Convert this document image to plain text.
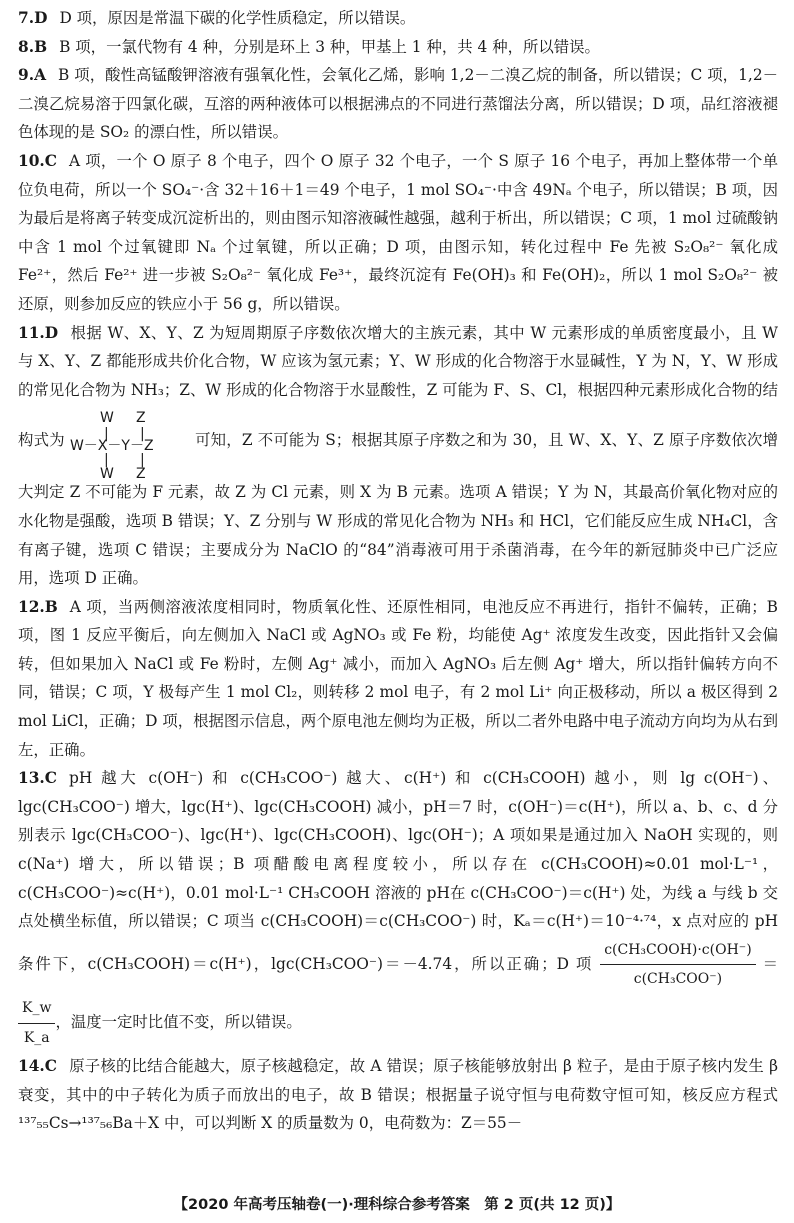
7.D D 项，原因是常温下碳的化学性质稳定，所以错误。
8.B B 项，一氯代物有 4 种，分别是环上 3 种，甲基上 1 种，共 4 种，所以错误。
9.A B 项，酸性高锰酸钾溶液有强氧化性，会氧化乙烯，影响 1,2－二溴乙烷的制备，所以错误；C 项，1,2－二溴乙烷易溶于四氯化碳，互溶的两种液体可以根据沸点的不同进行蒸馏法分离，所以错误；D 项，品红溶液褪色体现的是 SO₂ 的漂白性，所以错误。
10.C A 项，一个 O 原子 8 个电子，四个 O 原子 32 个电子，一个 S 原子 16 个电子，再加上整体带一个单位负电荷，所以一个 SO₄⁻·含 32＋16＋1＝49 个电子，1 mol SO₄⁻·中含 49Nₐ 个电子，所以错误；B 项，因为最后是将离子转变成沉淀析出的，则由图示知溶液碱性越强，越利于析出，所以错误；C 项，1 mol 过硫酸钠中含 1 mol 个过氧键即 Nₐ 个过氧键，所以正确；D 项，由图示知，转化过程中 Fe 先被 S₂O₈²⁻ 氧化成 Fe²⁺，然后 Fe²⁺ 进一步被 S₂O₈²⁻ 氧化成 Fe³⁺，最终沉淀有 Fe(OH)₃ 和 Fe(OH)₂，所以 1 mol S₂O₈²⁻ 被还原，则参加反应的铁应小于 56 g，所以错误。
11.D 根据 W、X、Y、Z 为短周期原子序数依次增大的主族元素，其中 W 元素形成的单质密度最小，且 W 与 X、Y、Z 都能形成共价化合物，W 应该为氢元素；Y、W 形成的化合物溶于水显碱性，Y 为 N，Y、W 形成的常见化合物为 NH₃；Z、W 形成的化合物溶于水显酸性，Z 可能为 F、S、Cl，根据四种元素形成化合物的结构式为
W Z
| |
W－X－Y－Z
| |
W Z
可知，Z 不可能为 S；根据其原子序数之和为 30，且 W、X、Y、Z 原子序数依次增大判定 Z 不可能为 F 元素，故 Z 为 Cl 元素，则 X 为 B 元素。选项 A 错误；Y 为 N，其最高价氧化物对应的水化物是强酸，选项 B 错误；Y、Z 分别与 W 形成的常见化合物为 NH₃ 和 HCl，它们能反应生成 NH₄Cl，含有离子键，选项 C 错误；主要成分为 NaClO 的“84”消毒液可用于杀菌消毒，在今年的新冠肺炎中已广泛应用，选项 D 正确。
12.B A 项，当两侧溶液浓度相同时，物质氧化性、还原性相同，电池反应不再进行，指针不偏转，正确；B 项，图 1 反应平衡后，向左侧加入 NaCl 或 AgNO₃ 或 Fe 粉，均能使 Ag⁺ 浓度发生改变，因此指针又会偏转，但如果加入 NaCl 或 Fe 粉时，左侧 Ag⁺ 减小，而加入 AgNO₃ 后左侧 Ag⁺ 增大，所以指针偏转方向不同，错误；C 项，Y 极每产生 1 mol Cl₂，则转移 2 mol 电子，有 2 mol Li⁺ 向正极移动，所以 a 极区得到 2 mol LiCl，正确；D 项，根据图示信息，两个原电池左侧均为正极，所以二者外电路中电子流动方向均为从右到左，正确。
13.C pH 越大 c(OH⁻) 和 c(CH₃COO⁻) 越大、c(H⁺) 和 c(CH₃COOH) 越小，则 lg c(OH⁻)、lgc(CH₃COO⁻) 增大，lgc(H⁺)、lgc(CH₃COOH) 减小，pH＝7 时，c(OH⁻)＝c(H⁺)，所以 a、b、c、d 分别表示 lgc(CH₃COO⁻)、lgc(H⁺)、lgc(CH₃COOH)、lgc(OH⁻)；A 项如果是通过加入 NaOH 实现的，则 c(Na⁺) 增大，所以错误；B 项醋酸电离程度较小，所以存在 c(CH₃COOH)≈0.01 mol·L⁻¹，c(CH₃COO⁻)≈c(H⁺)，0.01 mol·L⁻¹ CH₃COOH 溶液的 pH在 c(CH₃COO⁻)＝c(H⁺) 处，为线 a 与线 b 交点处横坐标值，所以错误；C 项当 c(CH₃COOH)＝c(CH₃COO⁻) 时，Kₐ＝c(H⁺)＝10⁻⁴·⁷⁴，x 点对应的 pH 条件下，c(CH₃COOH)＝c(H⁺)，lgc(CH₃COO⁻)＝－4.74，所以正确；D 项 $\frac{\text{c(CH₃COOH)·c(OH⁻)}}{\text{c(CH₃COO⁻)}}$ ＝
$\frac{K\_w}{K\_a}$ ，温度一定时比值不变，所以错误。
14.C 原子核的比结合能越大，原子核越稳定，故 A 错误；原子核能够放射出 β 粒子，是由于原子核内发生 β 衰变，其中的中子转化为质子而放出的电子，故 B 错误；根据量子说守恒与电荷数守恒可知，核反应方程式 ¹³⁷₅₅Cs→¹³⁷₅₆Ba＋X 中，可以判断 X 的质量数为 0，电荷数为：Z＝55－
【2020 年高考压轴卷(一)·理科综合参考答案　第 2 页(共 12 页)】
